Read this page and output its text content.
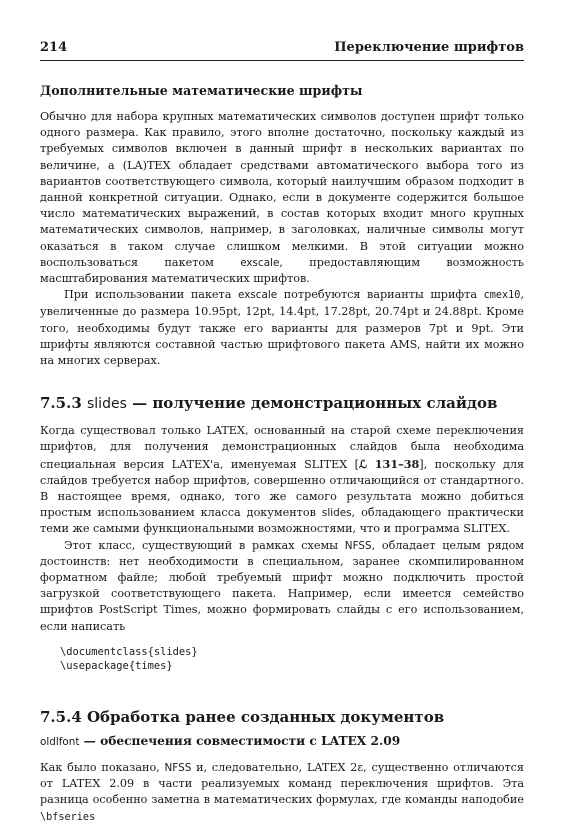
214	Переключение шрифтов
Дополнительные математические шрифты

Обычно для набора крупных математических символов доступен шрифт только одного размера. Как правило, этого вполне достаточно, поскольку каждый из требуемых символов включен в данный шрифт в нескольких вариантах по величине, а (LA)TEX обладает средствами автоматического выбора того из вариантов соответствующего символа, который наилучшим образом подходит в данной конкретной ситуации. Однако, если в документе содержится большое число математических выражений, в состав которых входит много крупных математических символов, например, в заголовках, наличные символы могут оказаться в таком случае слишком мелкими. В этой ситуации можно воспользоваться пакетом exscale, предоставляющим возможность масштабирования математических шрифтов.

При использовании пакета exscale потребуются варианты шрифта cmex10, увеличенные до размера 10.95pt, 12pt, 14.4pt, 17.28pt, 20.74pt и 24.88pt. Кроме того, необходимы будут также его варианты для размеров 7pt и 9pt. Эти шрифты являются составной частью шрифтового пакета AMS, найти их можно на многих серверах.

7.5.3 slides — получение демонстрационных слайдов

Когда существовал только LATEX, основанный на старой схеме переключения шрифтов, для получения демонстрационных слайдов была необходима специальная версия LATEX'а, именуемая SLITEX [ℒ 131–38], поскольку для слайдов требуется набор шрифтов, совершенно отличающийся от стандартного. В настоящее время, однако, того же самого результата можно добиться простым использованием класса документов slides, обладающего практически теми же самыми функциональными возможностями, что и программа SLITEX.

Этот класс, существующий в рамках схемы NFSS, обладает целым рядом достоинств: нет необходимости в специальном, заранее скомпилированном форматном файле; любой требуемый шрифт можно подключить простой загрузкой соответствующего пакета. Например, если имеется семейство шрифтов PostScript Times, можно формировать слайды с его использованием, если написать

\documentclass{slides}
\usepackage{times}
7.5.4 Обработка ранее созданных документов
oldlfont — обеспечения совместимости с LATEX 2.09

Как было показано, NFSS и, следовательно, LATEX 2ε, существенно отличаются от LATEX 2.09 в части реализуемых команд переключения шрифтов. Эта разница особенно заметна в математических формулах, где команды наподобие \bfseries
